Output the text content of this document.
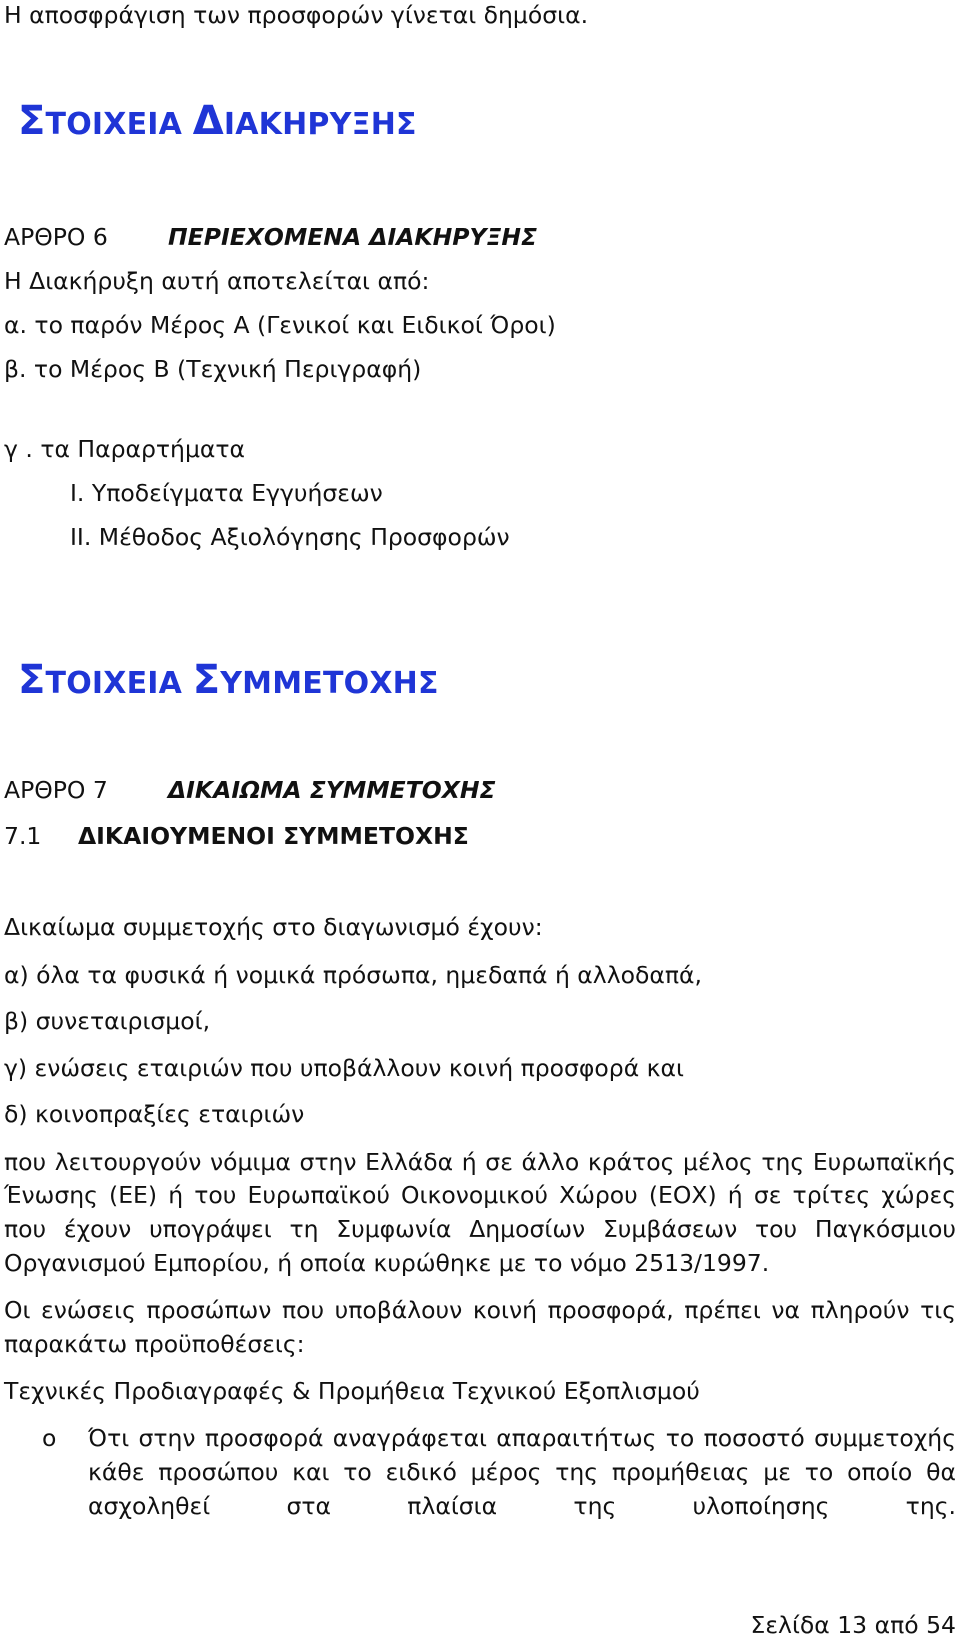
Η αποσφράγιση των προσφορών γίνεται δημόσια.
ΣΤΟΙΧΕΙΑ ΔΙΑΚΗΡΥΞΗΣ
ΑΡΘΡΟ 6	ΠΕΡΙΕΧΟΜΕΝΑ ΔΙΑΚΗΡΥΞΗΣ
Η Διακήρυξη αυτή αποτελείται από:
α. το παρόν Μέρος Α (Γενικοί και Ειδικοί Όροι)
β. το Μέρος Β (Τεχνική Περιγραφή)
γ . τα Παραρτήματα
Ι. Υποδείγματα Εγγυήσεων
ΙΙ. Μέθοδος Αξιολόγησης Προσφορών
ΣΤΟΙΧΕΙΑ ΣΥΜΜΕΤΟΧΗΣ
ΑΡΘΡΟ 7	ΔΙΚΑΙΩΜΑ ΣΥΜΜΕΤΟΧΗΣ
7.1 ΔΙΚΑΙΟΥΜΕΝΟΙ ΣΥΜΜΕΤΟΧΗΣ
Δικαίωμα συμμετοχής στο διαγωνισμό έχουν:
α) όλα τα φυσικά ή νομικά πρόσωπα, ημεδαπά ή αλλοδαπά,
β) συνεταιρισμοί,
γ) ενώσεις εταιριών που υποβάλλουν κοινή προσφορά και
δ) κοινοπραξίες εταιριών
που λειτουργούν νόμιμα στην Ελλάδα ή σε άλλο κράτος μέλος της Ευρωπαϊκής
Ένωσης (ΕΕ) ή του Ευρωπαϊκού Οικονομικού Χώρου (ΕΟΧ) ή σε τρίτες χώρες
που έχουν υπογράψει τη Συμφωνία Δημοσίων Συμβάσεων του Παγκόσμιου
Οργανισμού Εμπορίου, ή οποία κυρώθηκε με το νόμο 2513/1997.
Οι ενώσεις προσώπων που υποβάλουν κοινή προσφορά, πρέπει να πληρούν τις
παρακάτω προϋποθέσεις:
Τεχνικές Προδιαγραφές & Προμήθεια Τεχνικού Εξοπλισμού
o Ότι στην προσφορά αναγράφεται απαραιτήτως το ποσοστό συμμετοχής
κάθε προσώπου και το ειδικό μέρος της προμήθειας με το οποίο θα
ασχοληθεί στα πλαίσια της υλοποίησης της.
Σελίδα 13 από 54
